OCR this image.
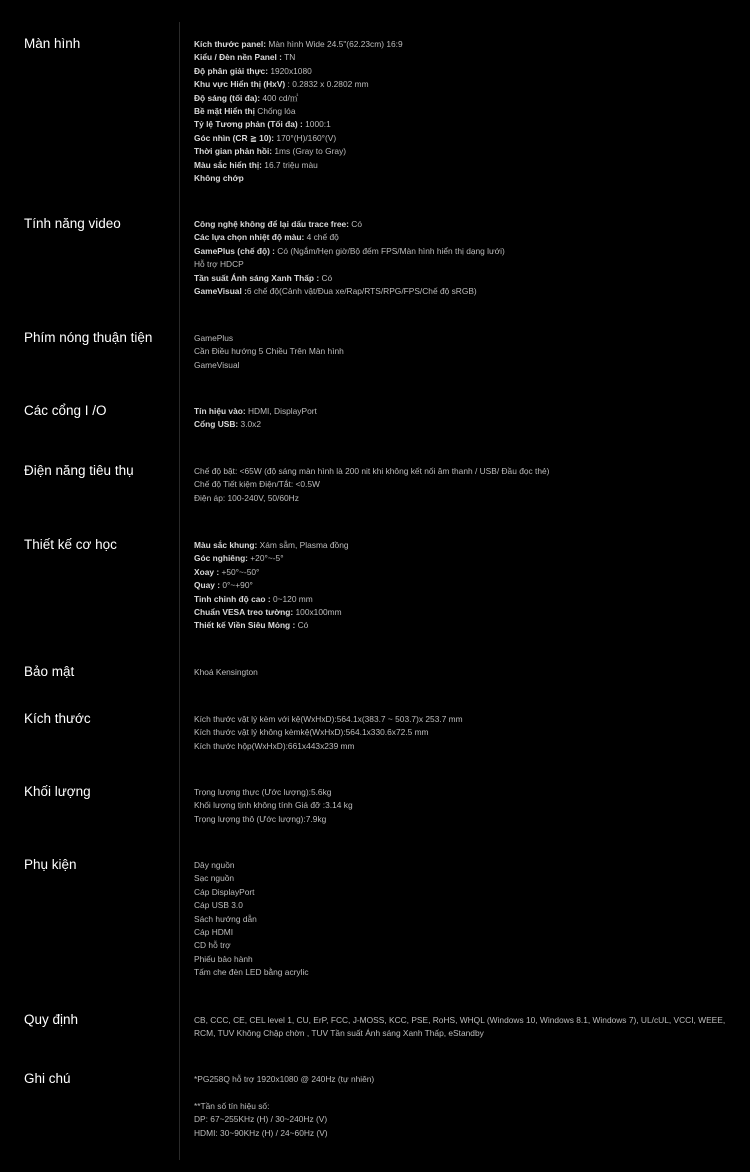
Màn hình	Kích thước panel: Màn hình Wide 24.5"(62.23cm) 16:9
Kiểu / Đèn nền Panel : TN
Độ phân giải thực: 1920x1080
Khu vực Hiển thị (HxV) : 0.2832 x 0.2802 mm
Độ sáng (tối đa): 400 cd/㎡
Bề mặt Hiển thị Chống lóa
Tỷ lệ Tương phản (Tối đa) : 1000:1
Góc nhìn (CR ≧ 10): 170°(H)/160°(V)
Thời gian phản hồi: 1ms (Gray to Gray)
Màu sắc hiển thị: 16.7 triệu màu
Không chớp
Tính năng video	Công nghệ không để lại dấu trace free: Có
Các lựa chọn nhiệt độ màu: 4 chế độ
GamePlus (chế độ) : Có (Ngắm/Hẹn giờ/Bộ đếm FPS/Màn hình hiển thị dạng lưới)
Hỗ trợ HDCP
Tần suất Ánh sáng Xanh Thấp : Có
GameVisual :6 chế độ(Cảnh vật/Đua xe/Rap/RTS/RPG/FPS/Chế độ sRGB)
Phím nóng thuận tiện	GamePlus
Cần Điều hướng 5 Chiều Trên Màn hình
GameVisual
Các cổng I /O	Tín hiệu vào: HDMI, DisplayPort
Cổng USB: 3.0x2
Điện năng tiêu thụ	Chế độ bật: <65W (độ sáng màn hình là 200 nit khi không kết nối âm thanh / USB/ Đầu đọc thẻ)
Chế độ Tiết kiệm Điện/Tắt: <0.5W
Điện áp: 100-240V, 50/60Hz
Thiết kế cơ học	Màu sắc khung: Xám sẫm, Plasma đồng
Góc nghiêng: +20°~-5°
Xoay : +50°~-50°
Quay : 0°~+90°
Tinh chỉnh độ cao : 0~120 mm
Chuẩn VESA treo tường: 100x100mm
Thiết kế Viền Siêu Mỏng : Có
Bảo mật	Khoá Kensington
Kích thước	Kích thước vật lý kèm với kệ(WxHxD):564.1x(383.7 ~ 503.7)x 253.7 mm
Kích thước vật lý không kèmkệ(WxHxD):564.1x330.6x72.5 mm
Kích thước hộp(WxHxD):661x443x239 mm
Khối lượng	Trọng lượng thực (Ước lượng):5.6kg
Khối lượng tịnh không tính Giá đỡ :3.14 kg
Trọng lượng thô (Ước lượng):7.9kg
Phụ kiện	Dây nguồn
Sạc nguồn
Cáp DisplayPort
Cáp USB 3.0
Sách hướng dẫn
Cáp HDMI
CD hỗ trợ
Phiếu bảo hành
Tấm che đèn LED bằng acrylic
Quy định	CB, CCC, CE, CEL level 1, CU, ErP, FCC, J-MOSS, KCC, PSE, RoHS, WHQL (Windows 10, Windows 8.1, Windows 7), UL/cUL, VCCI, WEEE, RCM, TUV Không Chập chờn , TUV Tần suất Ánh sáng Xanh Thấp, eStandby
Ghi chú	*PG258Q hỗ trợ 1920x1080 @ 240Hz (tự nhiên)
**Tần số tín hiệu số:
DP: 67~255KHz (H) / 30~240Hz (V)
HDMI: 30~90KHz (H) / 24~60Hz (V)
